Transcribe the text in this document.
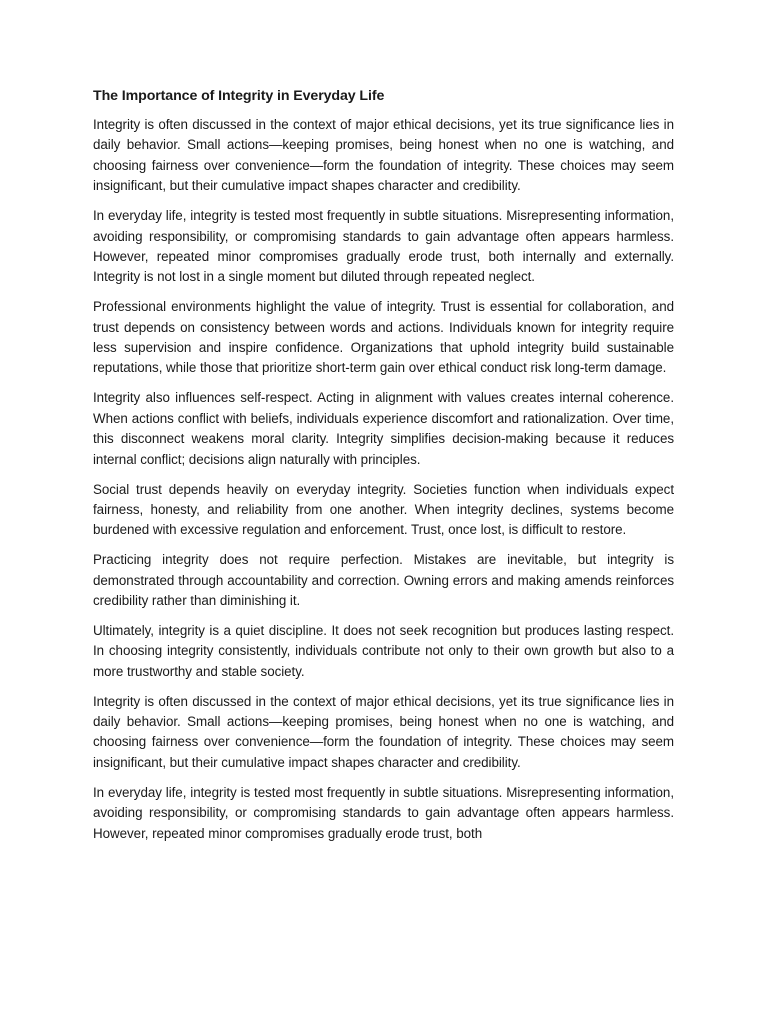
The Importance of Integrity in Everyday Life

Integrity is often discussed in the context of major ethical decisions, yet its true significance lies in daily behavior. Small actions—keeping promises, being honest when no one is watching, and choosing fairness over convenience—form the foundation of integrity. These choices may seem insignificant, but their cumulative impact shapes character and credibility.

In everyday life, integrity is tested most frequently in subtle situations. Misrepresenting information, avoiding responsibility, or compromising standards to gain advantage often appears harmless. However, repeated minor compromises gradually erode trust, both internally and externally. Integrity is not lost in a single moment but diluted through repeated neglect.

Professional environments highlight the value of integrity. Trust is essential for collaboration, and trust depends on consistency between words and actions. Individuals known for integrity require less supervision and inspire confidence. Organizations that uphold integrity build sustainable reputations, while those that prioritize short-term gain over ethical conduct risk long-term damage.

Integrity also influences self-respect. Acting in alignment with values creates internal coherence. When actions conflict with beliefs, individuals experience discomfort and rationalization. Over time, this disconnect weakens moral clarity. Integrity simplifies decision-making because it reduces internal conflict; decisions align naturally with principles.

Social trust depends heavily on everyday integrity. Societies function when individuals expect fairness, honesty, and reliability from one another. When integrity declines, systems become burdened with excessive regulation and enforcement. Trust, once lost, is difficult to restore.

Practicing integrity does not require perfection. Mistakes are inevitable, but integrity is demonstrated through accountability and correction. Owning errors and making amends reinforces credibility rather than diminishing it.

Ultimately, integrity is a quiet discipline. It does not seek recognition but produces lasting respect. In choosing integrity consistently, individuals contribute not only to their own growth but also to a more trustworthy and stable society.

Integrity is often discussed in the context of major ethical decisions, yet its true significance lies in daily behavior. Small actions—keeping promises, being honest when no one is watching, and choosing fairness over convenience—form the foundation of integrity. These choices may seem insignificant, but their cumulative impact shapes character and credibility.

In everyday life, integrity is tested most frequently in subtle situations. Misrepresenting information, avoiding responsibility, or compromising standards to gain advantage often appears harmless. However, repeated minor compromises gradually erode trust, both
